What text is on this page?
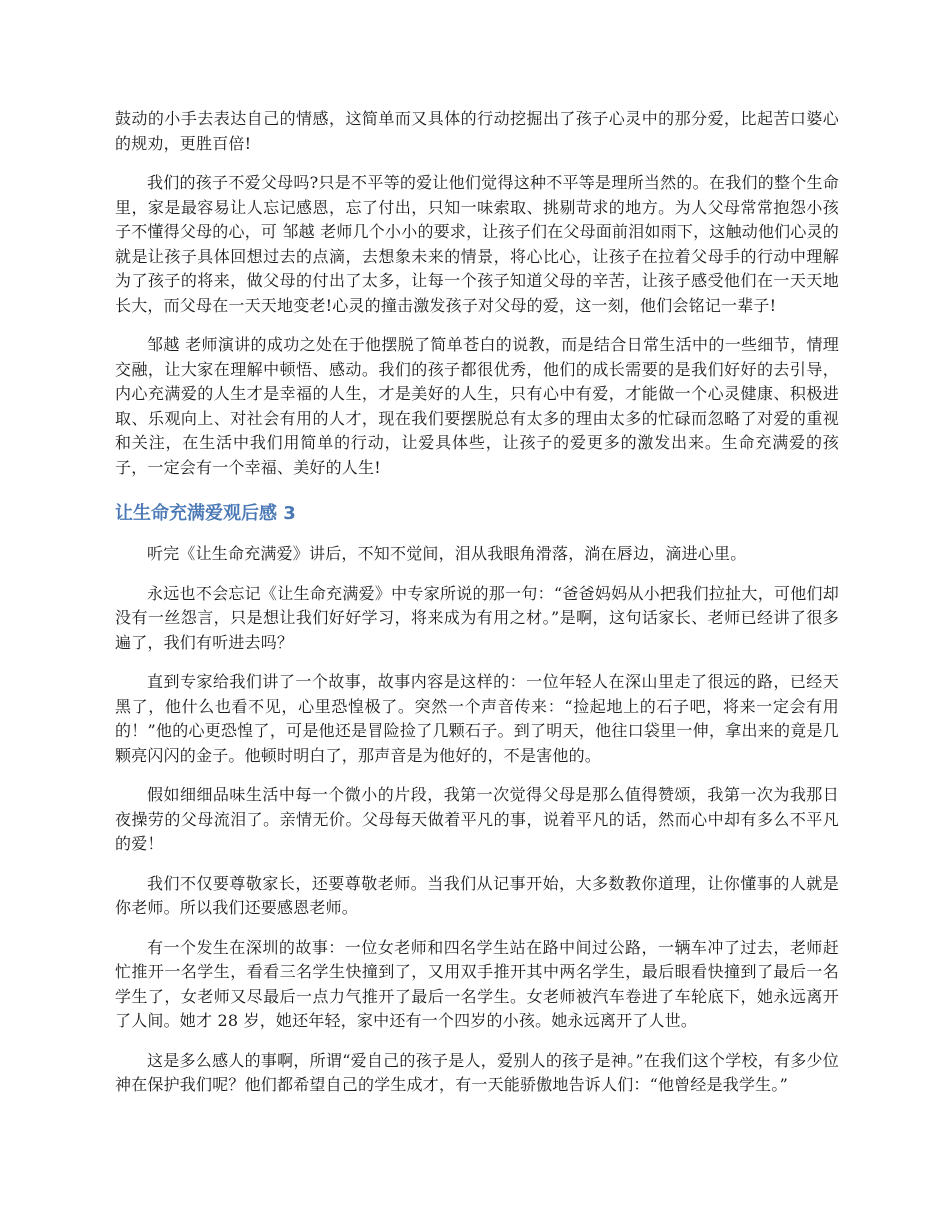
鼓动的小手去表达自己的情感，这简单而又具体的行动挖掘出了孩子心灵中的那分爱，比起苦口婆心的规劝，更胜百倍!

我们的孩子不爱父母吗?只是不平等的爱让他们觉得这种不平等是理所当然的。在我们的整个生命里，家是最容易让人忘记感恩，忘了付出，只知一味索取、挑剔苛求的地方。为人父母常常抱怨小孩子不懂得父母的心，可 邹越 老师几个小小的要求，让孩子们在父母面前泪如雨下，这触动他们心灵的就是让孩子具体回想过去的点滴，去想象未来的情景，将心比心，让孩子在拉着父母手的行动中理解为了孩子的将来，做父母的付出了太多，让每一个孩子知道父母的辛苦，让孩子感受他们在一天天地长大，而父母在一天天地变老!心灵的撞击激发孩子对父母的爱，这一刻，他们会铭记一辈子!

邹越 老师演讲的成功之处在于他摆脱了简单苍白的说教，而是结合日常生活中的一些细节，情理交融，让大家在理解中顿悟、感动。我们的孩子都很优秀，他们的成长需要的是我们好好的去引导，内心充满爱的人生才是幸福的人生，才是美好的人生，只有心中有爱，才能做一个心灵健康、积极进取、乐观向上、对社会有用的人才，现在我们要摆脱总有太多的理由太多的忙碌而忽略了对爱的重视和关注，在生活中我们用简单的行动，让爱具体些，让孩子的爱更多的激发出来。生命充满爱的孩子，一定会有一个幸福、美好的人生!

让生命充满爱观后感 3

听完《让生命充满爱》讲后，不知不觉间，泪从我眼角滑落，淌在唇边，滴进心里。

永远也不会忘记《让生命充满爱》中专家所说的那一句：“爸爸妈妈从小把我们拉扯大，可他们却没有一丝怨言，只是想让我们好好学习，将来成为有用之材。”是啊，这句话家长、老师已经讲了很多遍了，我们有听进去吗？

直到专家给我们讲了一个故事，故事内容是这样的：一位年轻人在深山里走了很远的路，已经天黑了，他什么也看不见，心里恐惶极了。突然一个声音传来：“捡起地上的石子吧，将来一定会有用的！”他的心更恐惶了，可是他还是冒险捡了几颗石子。到了明天，他往口袋里一伸，拿出来的竟是几颗亮闪闪的金子。他顿时明白了，那声音是为他好的，不是害他的。

假如细细品味生活中每一个微小的片段，我第一次觉得父母是那么值得赞颂，我第一次为我那日夜操劳的父母流泪了。亲情无价。父母每天做着平凡的事，说着平凡的话，然而心中却有多么不平凡的爱！

我们不仅要尊敬家长，还要尊敬老师。当我们从记事开始，大多数教你道理，让你懂事的人就是你老师。所以我们还要感恩老师。

有一个发生在深圳的故事：一位女老师和四名学生站在路中间过公路，一辆车冲了过去，老师赶忙推开一名学生，看看三名学生快撞到了，又用双手推开其中两名学生，最后眼看快撞到了最后一名学生了，女老师又尽最后一点力气推开了最后一名学生。女老师被汽车卷进了车轮底下，她永远离开了人间。她才 28 岁，她还年轻，家中还有一个四岁的小孩。她永远离开了人世。

这是多么感人的事啊，所谓“爱自己的孩子是人，爱别人的孩子是神。”在我们这个学校，有多少位神在保护我们呢？他们都希望自己的学生成才，有一天能骄傲地告诉人们：“他曾经是我学生。”
